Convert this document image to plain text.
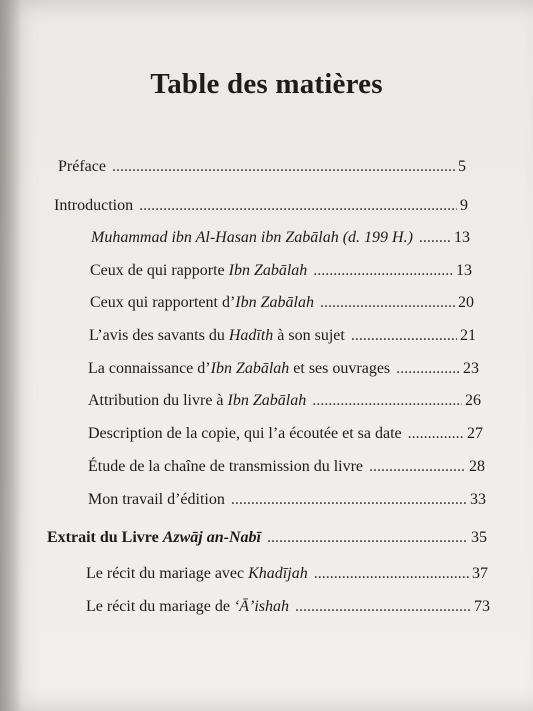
Table des matières
Préface . . .	5
Introduction . . .	9
Muhammad ibn Al-Hasan ibn Zabālah (d. 199 H.) . . .	13
Ceux de qui rapporte Ibn Zabālah . . .	13
Ceux qui rapportent d’Ibn Zabālah . . .	20
L’avis des savants du Hadīth à son sujet . . .	21
La connaissance d’Ibn Zabālah et ses ouvrages . . .	23
Attribution du livre à Ibn Zabālah . . .	26
Description de la copie, qui l’a écoutée et sa date . . .	27
Étude de la chaîne de transmission du livre . . .	28
Mon travail d’édition . . .	33
Extrait du Livre Azwāj an-Nabī . . .	35
Le récit du mariage avec Khadījah . . .	37
Le récit du mariage de ‘Ā’ishah . . .	73
